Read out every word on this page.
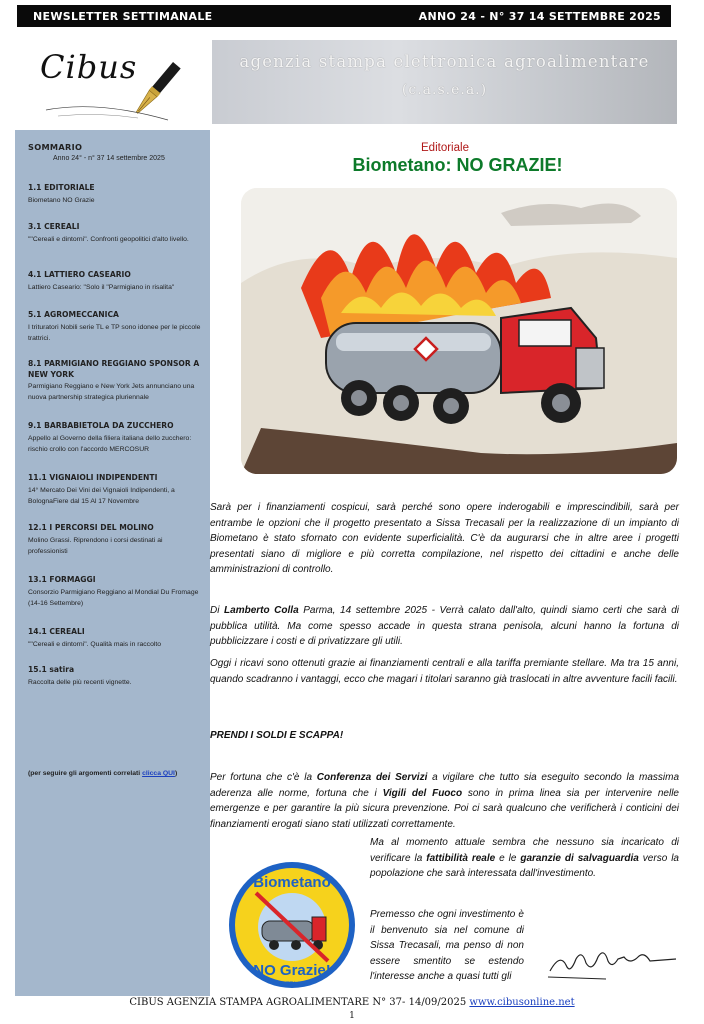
NEWSLETTER SETTIMANALE	ANNO 24 - N° 37 14 SETTEMBRE 2025
Cibus	agenzia stampa elettronica agroalimentare
(c.a.s.e.a.)
SOMMARIO
Anno 24° - n° 37 14 settembre 2025
1.1 EDITORIALE
Biometano NO Grazie
3.1 CEREALI
""Cereali e dintorni". Confronti geopolitici d'alto livello.
4.1 LATTIERO CASEARIO
Lattiero Caseario: "Solo il "Parmigiano in risalita"
5.1 AGROMECCANICA
I trituratori Nobili serie TL e TP sono idonee per le piccole trattrici.
8.1 PARMIGIANO REGGIANO SPONSOR A NEW YORK
Parmigiano Reggiano e New York Jets annunciano una nuova partnership strategica pluriennale
9.1 BARBABIETOLA DA ZUCCHERO
Appello al Governo della filiera italiana dello zucchero: rischio crollo con l'accordo MERCOSUR
11.1 VIGNAIOLI INDIPENDENTI
14° Mercato Dei Vini dei Vignaioli Indipendenti, a BolognaFiere dal 15 Al 17 Novembre
12.1 I PERCORSI DEL MOLINO
Molino Grassi. Riprendono i corsi destinati ai professionisti
13.1 FORMAGGI
Consorzio Parmigiano Reggiano al Mondial Du Fromage (14-16 Settembre)
14.1 CEREALI
""Cereali e dintorni". Qualità mais in raccolto
15.1 satira
Raccolta delle più recenti vignette.
(per seguire gli argomenti correlati clicca QUI)
Editoriale
Biometano: NO GRAZIE!
Sarà per i finanziamenti cospicui, sarà perché sono opere inderogabili e imprescindibili, sarà per entrambe le opzioni che il progetto presentato a Sissa Trecasali per la realizzazione di un impianto di Biometano è stato sfornato con evidente superficialità. C'è da augurarsi che in altre aree i progetti presentati siano di migliore e più corretta compilazione, nel rispetto dei cittadini e anche delle amministrazioni di controllo.
Di Lamberto Colla Parma, 14 settembre 2025 - Verrà calato dall'alto, quindi siamo certi che sarà di pubblica utilità. Ma come spesso accade in questa strana penisola, alcuni hanno la fortuna di pubblicizzare i costi e di privatizzare gli utili.
Oggi i ricavi sono ottenuti grazie ai finanziamenti centrali e alla tariffa premiante stellare. Ma tra 15 anni, quando scadranno i vantaggi, ecco che magari i titolari saranno già traslocati in altre avventure facili facili.
PRENDI I SOLDI E SCAPPA!
Per fortuna che c'è la Conferenza dei Servizi a vigilare che tutto sia eseguito secondo la massima aderenza alle norme, fortuna che i Vigili del Fuoco sono in prima linea sia per intervenire nelle emergenze e per garantire la più sicura prevenzione. Poi ci sarà qualcuno che verificherà i conticini dei finanziamenti erogati siano stati utilizzati correttamente.
Ma al momento attuale sembra che nessuno sia incaricato di verificare la fattibilità reale e le garanzie di salvaguardia verso la popolazione che sarà interessata dall'investimento.
Premesso che ogni investimento è il benvenuto sia nel comune di Sissa Trecasali, ma penso di non essere smentito se estendo l'interesse anche a quasi tutti gli
Biometano
NO Grazie!
BMET14 srl
CIBUS AGENZIA STAMPA AGROALIMENTARE N° 37- 14/09/2025 www.cibusonline.net
1
